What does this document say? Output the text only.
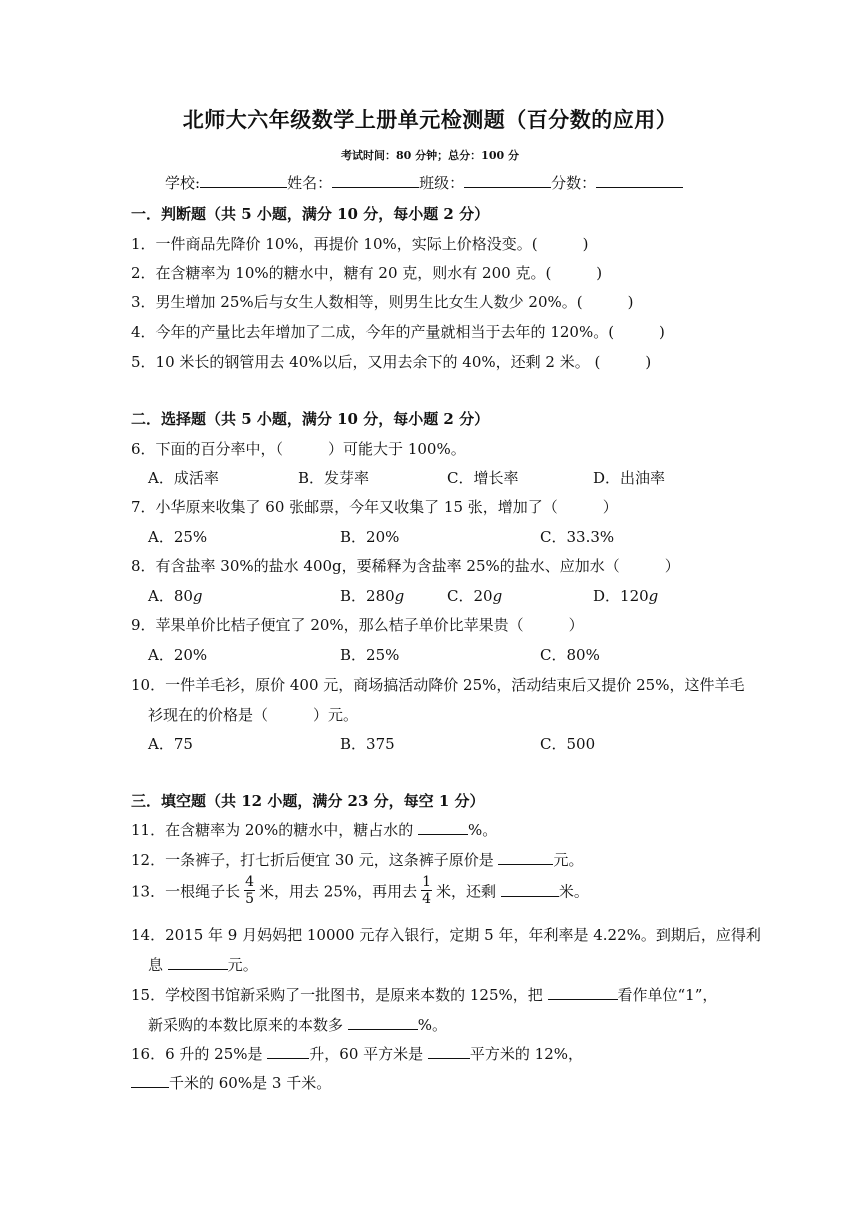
北师大六年级数学上册单元检测题（百分数的应用）
考试时间：80 分钟；总分：100 分
学校:	姓名：	班级：	分数：
一．判断题（共 5 小题，满分 10 分，每小题 2 分）
1．一件商品先降价 10%，再提价 10%，实际上价格没变。(　　　)
2．在含糖率为 10%的糖水中，糖有 20 克，则水有 200 克。(　　　)
3．男生增加 25%后与女生人数相等，则男生比女生人数少 20%。(　　　)
4．今年的产量比去年增加了二成，今年的产量就相当于去年的 120%。(　　　)
5．10 米长的钢管用去 40%以后，又用去余下的 40%，还剩 2 米。 (　　　)
二．选择题（共 5 小题，满分 10 分，每小题 2 分）
6．下面的百分率中，（　　　）可能大于 100%。
A．成活率	B．发芽率	C．增长率	D．出油率
7．小华原来收集了 60 张邮票，今年又收集了 15 张，增加了（　　　）
A．25%	B．20%	C．33.3%
8．有含盐率 30%的盐水 400g，要稀释为含盐率 25%的盐水、应加水（　　　）
A．80g	B．280g	C．20g	D．120g
9．苹果单价比桔子便宜了 20%，那么桔子单价比苹果贵（　　　）
A．20%	B．25%	C．80%
10．一件羊毛衫，原价 400 元，商场搞活动降价 25%，活动结束后又提价 25%，这件羊毛
衫现在的价格是（　　　）元。
A．75	B．375	C．500
三．填空题（共 12 小题，满分 23 分，每空 1 分）
11．在含糖率为 20%的糖水中，糖占水的	%。
12．一条裤子，打七折后便宜 30 元，这条裤子原价是	元。
13．一根绳子长 $\frac{4}{5}$ 米，用去 25%，再用去 $\frac{1}{4}$ 米，还剩	米。
14．2015 年 9 月妈妈把 10000 元存入银行，定期 5 年，年利率是 4.22%。到期后，应得利
息	元。
15．学校图书馆新采购了一批图书，是原来本数的 125%，把	看作单位“1”，
新采购的本数比原来的本数多	%。
16．6 升的 25%是	升，60 平方米是	平方米的 12%，
千米的 60%是 3 千米。
